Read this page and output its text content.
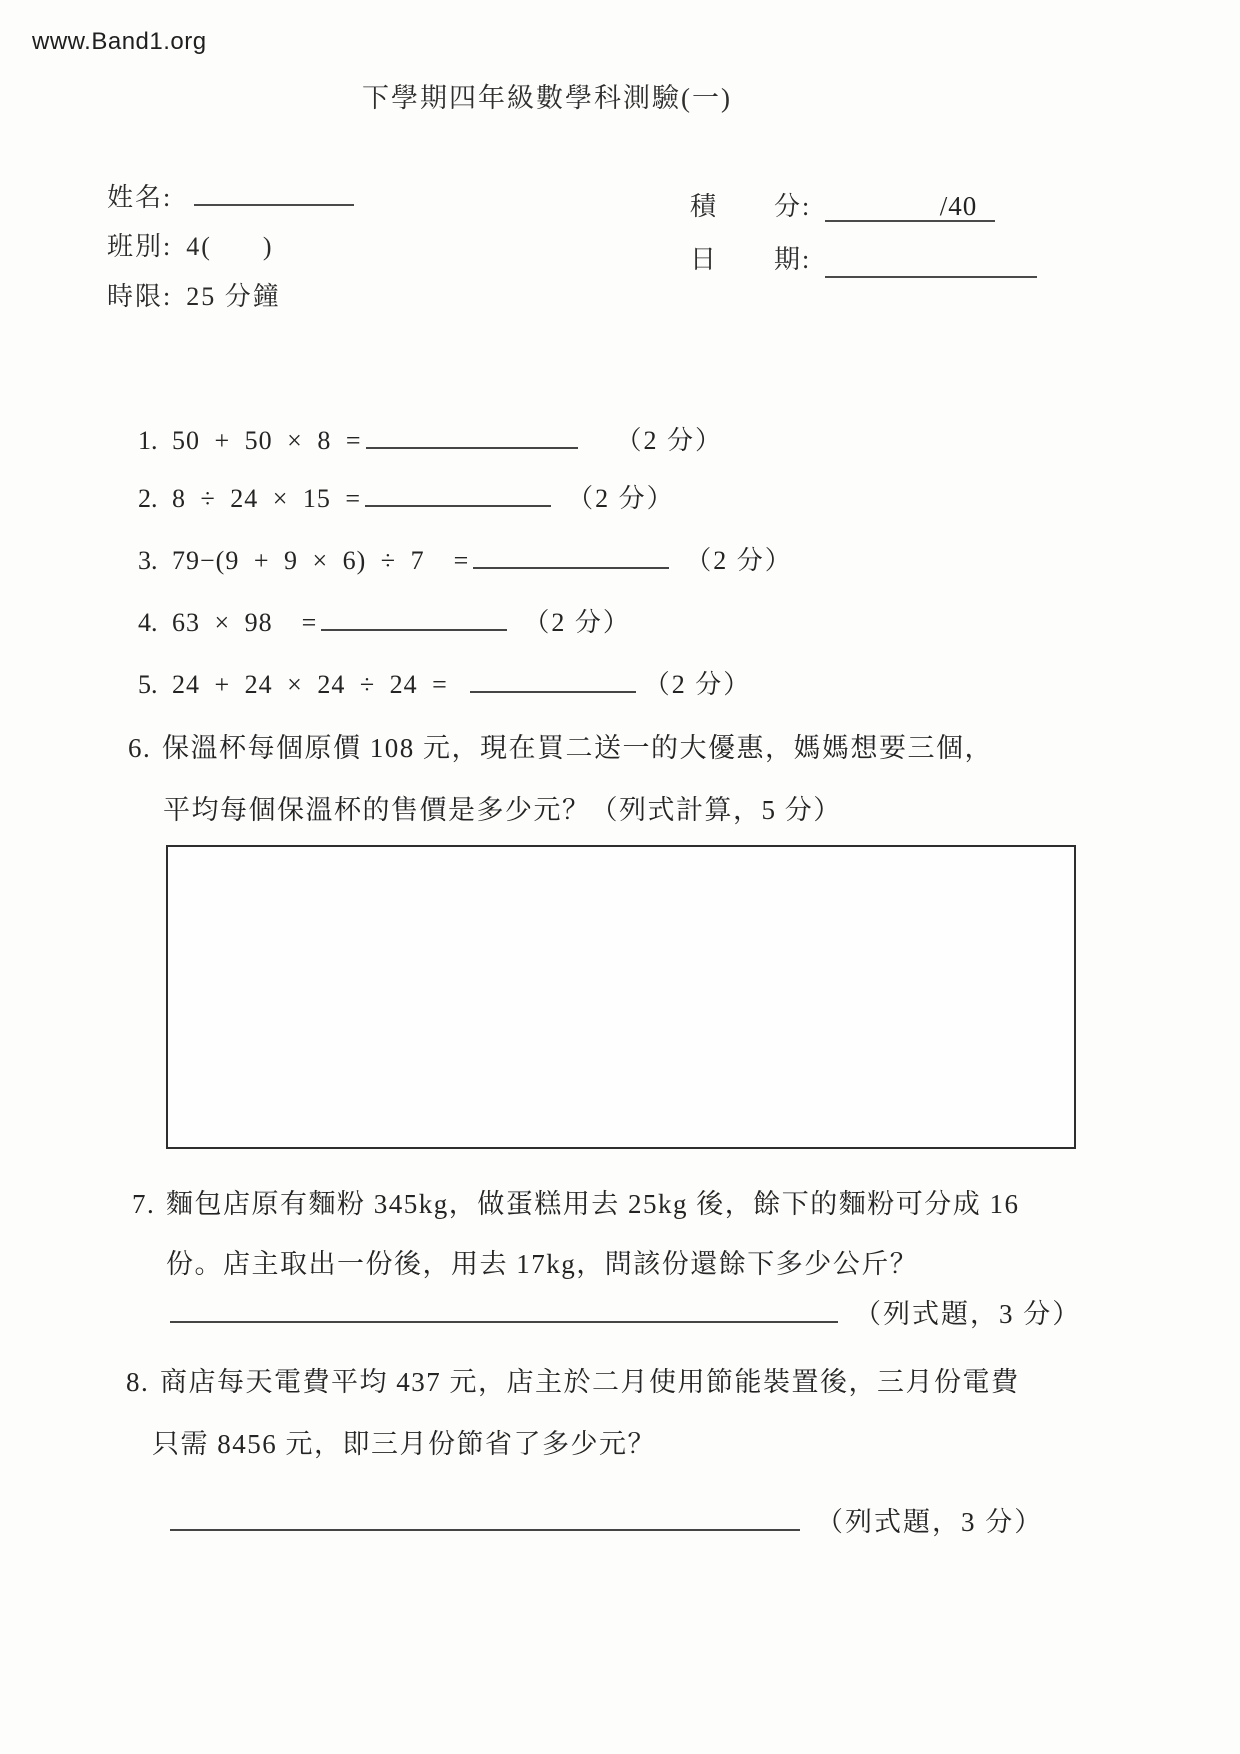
www.Band1.org
下學期四年級數學科測驗(一)
姓名:
班別: 4(      )
時限: 25 分鐘
積 分:

	/40

日 期:
1. 50 + 50 × 8 =	（2 分）
2. 8 ÷ 24 × 15 =	（2 分）
3. 79−(9 + 9 × 6) ÷ 7  =	（2 分）
4. 63 × 98  =	（2 分）
5. 24 + 24 × 24 ÷ 24 =	（2 分）
6. 保溫杯每個原價 108 元，現在買二送一的大優惠，媽媽想要三個，
平均每個保溫杯的售價是多少元？（列式計算，5 分）
7. 麵包店原有麵粉 345kg，做蛋糕用去 25kg 後，餘下的麵粉可分成 16
份。店主取出一份後，用去 17kg，問該份還餘下多少公斤？
（列式題，3 分）
8. 商店每天電費平均 437 元，店主於二月使用節能裝置後，三月份電費
只需 8456 元，即三月份節省了多少元？
（列式題，3 分）
